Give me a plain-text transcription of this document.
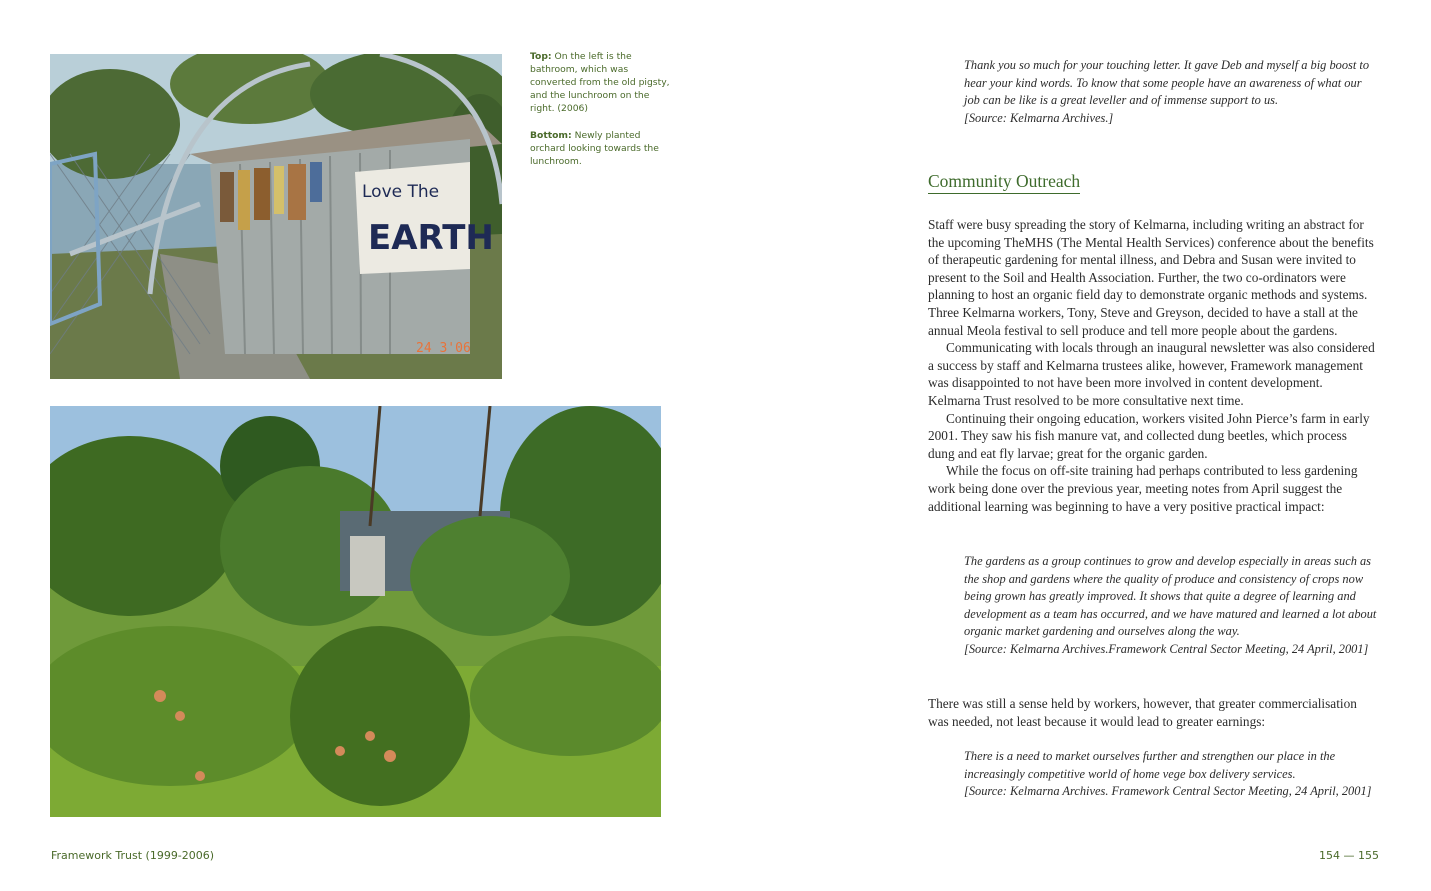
Love The
EARTH
24 3'06

Top: On the left is the bathroom, which was converted from the old pigsty, and the lunchroom on the right. (2006)

Bottom: Newly planted orchard looking towards the lunchroom.

Thank you so much for your touching letter. It gave Deb and myself a big boost to hear your kind words. To know that some people have an awareness of what our job can be like is a great leveller and of immense support to us.

[Source: Kelmarna Archives.]

Community Outreach

Staff were busy spreading the story of Kelmarna, including writing an abstract for the upcoming TheMHS (The Mental Health Services) conference about the benefits of therapeutic gardening for mental illness, and Debra and Susan were invited to present to the Soil and Health Association. Further, the two co-ordinators were planning to host an organic field day to demonstrate organic methods and systems. Three Kelmarna workers, Tony, Steve and Greyson, decided to have a stall at the annual Meola festival to sell produce and tell more people about the gardens.

Communicating with locals through an inaugural newsletter was also considered a success by staff and Kelmarna trustees alike, however, Framework management was disappointed to not have been more involved in content development. Kelmarna Trust resolved to be more consultative next time.

Continuing their ongoing education, workers visited John Pierce’s farm in early 2001. They saw his fish manure vat, and collected dung beetles, which process dung and eat fly larvae; great for the organic garden.

While the focus on off-site training had perhaps contributed to less gardening work being done over the previous year, meeting notes from April suggest the additional learning was beginning to have a very positive practical impact:

The gardens as a group continues to grow and develop especially in areas such as the shop and gardens where the quality of produce and consistency of crops now being grown has greatly improved. It shows that quite a degree of learning and development as a team has occurred, and we have matured and learned a lot about organic market gardening and ourselves along the way.

[Source: Kelmarna Archives.Framework Central Sector Meeting, 24 April, 2001]

There was still a sense held by workers, however, that greater commercialisation was needed, not least because it would lead to greater earnings:

There is a need to market ourselves further and strengthen our place in the increasingly competitive world of home vege box delivery services.

[Source: Kelmarna Archives. Framework Central Sector Meeting, 24 April, 2001]

Framework Trust (1999-2006)	154 — 155
